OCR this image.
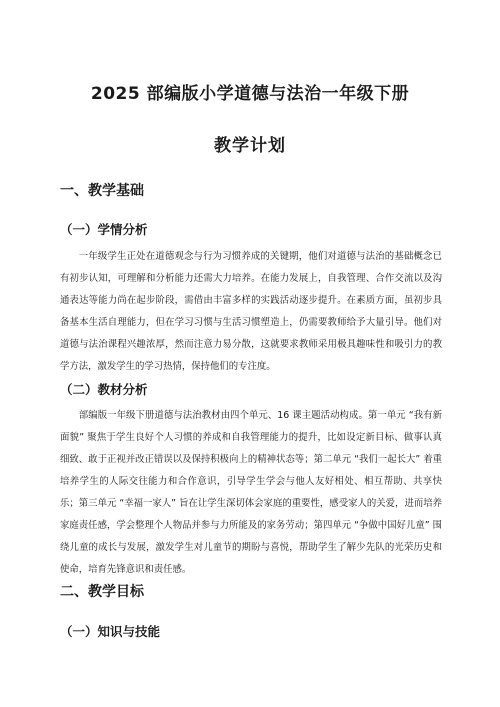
2025 部编版小学道德与法治一年级下册
教学计划
一、教学基础
（一）学情分析

一年级学生正处在道德观念与行为习惯养成的关键期，他们对道德与法治的基础概念已有初步认知，可理解和分析能力还需大力培养。在能力发展上，自我管理、合作交流以及沟通表达等能力尚在起步阶段，需借由丰富多样的实践活动逐步提升。在素质方面，虽初步具备基本生活自理能力，但在学习习惯与生活习惯塑造上，仍需要教师给予大量引导。他们对道德与法治课程兴趣浓厚，然而注意力易分散，这就要求教师采用极具趣味性和吸引力的教学方法，激发学生的学习热情，保持他们的专注度。

（二）教材分析

部编版一年级下册道德与法治教材由四个单元、16 课主题活动构成。第一单元 “我有新面貌” 聚焦于学生良好个人习惯的养成和自我管理能力的提升，比如设定新目标、做事认真细致、敢于正视并改正错误以及保持积极向上的精神状态等；第二单元 “我们一起长大” 着重培养学生的人际交往能力和合作意识，引导学生学会与他人友好相处、相互帮助、共享快乐；第三单元 “幸福一家人” 旨在让学生深切体会家庭的重要性，感受家人的关爱，进而培养家庭责任感，学会整理个人物品并参与力所能及的家务劳动；第四单元 “争做中国好儿童” 围绕儿童的成长与发展，激发学生对儿童节的期盼与喜悦，帮助学生了解少先队的光荣历史和使命，培育先锋意识和责任感。

二、教学目标
（一）知识与技能
